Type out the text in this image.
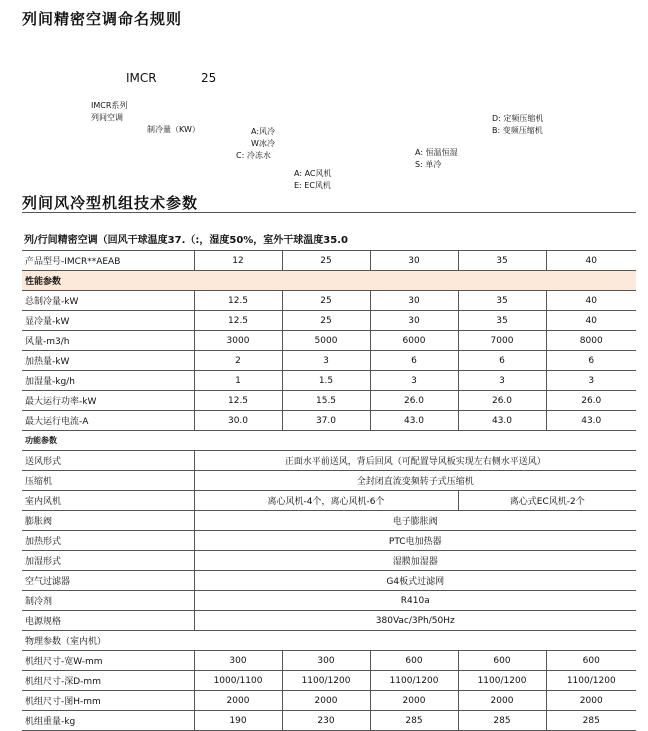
列间精密空调命名规则
IMCR	25
IMCR系列
列间空调
制冷量（KW）	A:风冷
W冰冷
C: 冷冻水
A: AC风机
E: EC风机
A: 恒温恒湿
S: 单冷
D: 定频压缩机
B: 变频压缩机
列间风冷型机组技术参数
列/行间精密空调（回风干球温度37.（:，湿度50%，室外干球温度35.0
产品型号-IMCR**AEAB	12	25	30	35	40
性能参数					
总制冷量-kW	12.5	25	30	35	40
显冷量-kW	12.5	25	30	35	40
风量-m3/h	3000	5000	6000	7000	8000
加热量-kW	2	3	6	6	6
加湿量-kg/h	1	1.5	3	3	3
最大运行功率-kW	12.5	15.5	26.0	26.0	26.0
最大运行电流-A	30.0	37.0	43.0	43.0	43.0
功能参数					
送风形式	正面水平前送风，背后回风（可配置导风板实现左右侧水平送风）				
压缩机	全封闭直流变频转子式压缩机				
室内风机	离心风机-4个，离心风机-6个			离心式EC风机-2个	
膨胀阀	电子膨胀阀				
加热形式	PTC电加热器				
加湿形式	湿膜加湿器				
空气过滤器	G4板式过滤网				
制冷剂	R410a				
电源规格	380Vac/3Ph/50Hz				
物理参数（室内机）					
机组尺寸-宽W-mm	300	300	600	600	600
机组尺寸-深D-mm	1000/1100	1100/1200	1100/1200	1100/1200	1100/1200
机组尺寸-图H-mm	2000	2000	2000	2000	2000
机组重量-kg	190	230	285	285	285
